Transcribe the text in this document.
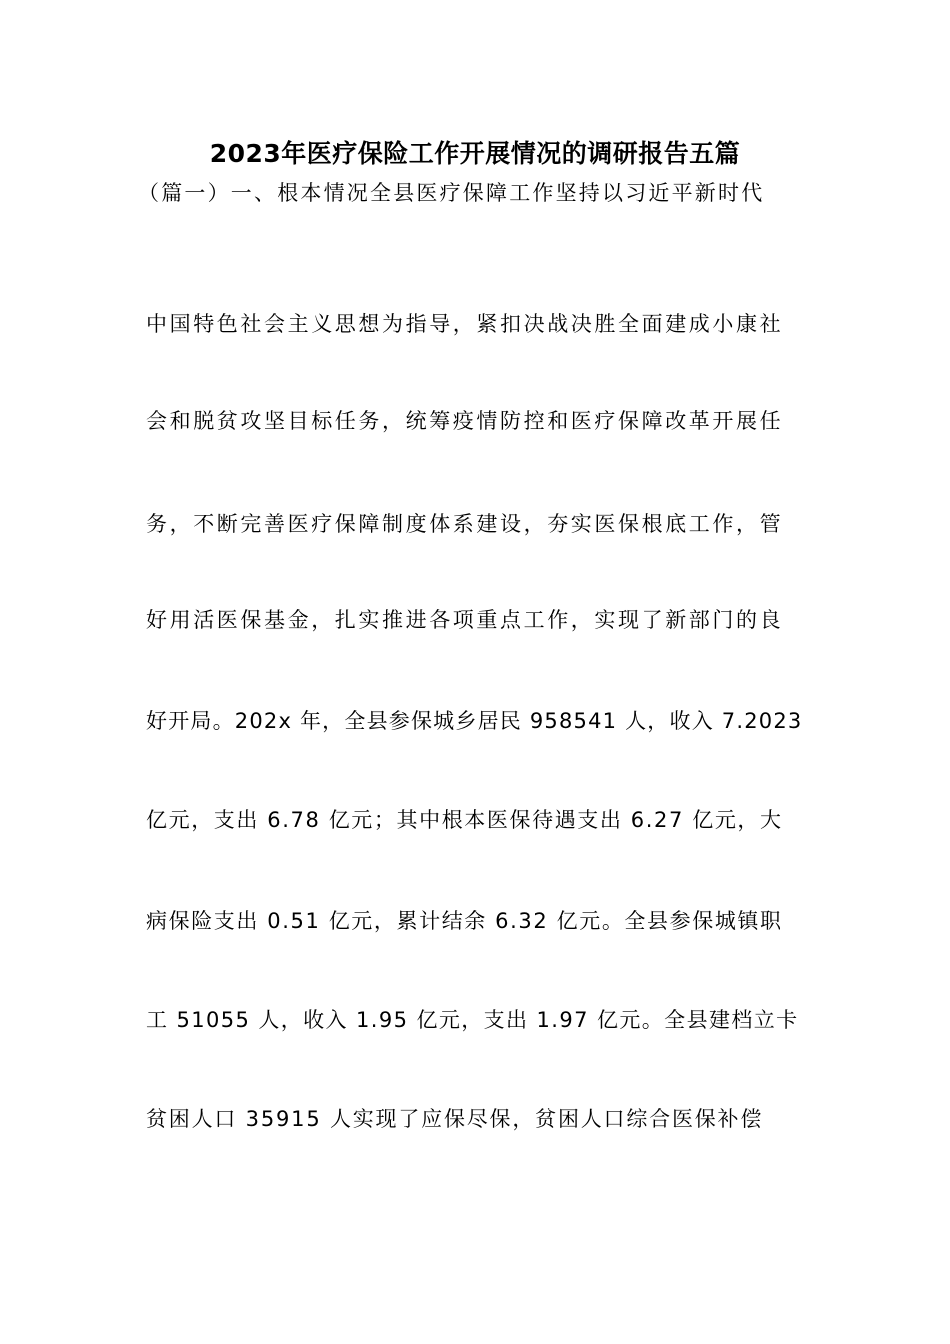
2023年医疗保险工作开展情况的调研报告五篇
（篇一）一、根本情况全县医疗保障工作坚持以习近平新时代
中国特色社会主义思想为指导，紧扣决战决胜全面建成小康社
会和脱贫攻坚目标任务，统筹疫情防控和医疗保障改革开展任
务，不断完善医疗保障制度体系建设，夯实医保根底工作，管
好用活医保基金，扎实推进各项重点工作，实现了新部门的良
好开局。202x 年，全县参保城乡居民 958541 人，收入 7.2023
亿元，支出 6.78 亿元；其中根本医保待遇支出 6.27 亿元，大
病保险支出 0.51 亿元，累计结余 6.32 亿元。全县参保城镇职
工 51055 人，收入 1.95 亿元，支出 1.97 亿元。全县建档立卡
贫困人口 35915 人实现了应保尽保，贫困人口综合医保补偿
